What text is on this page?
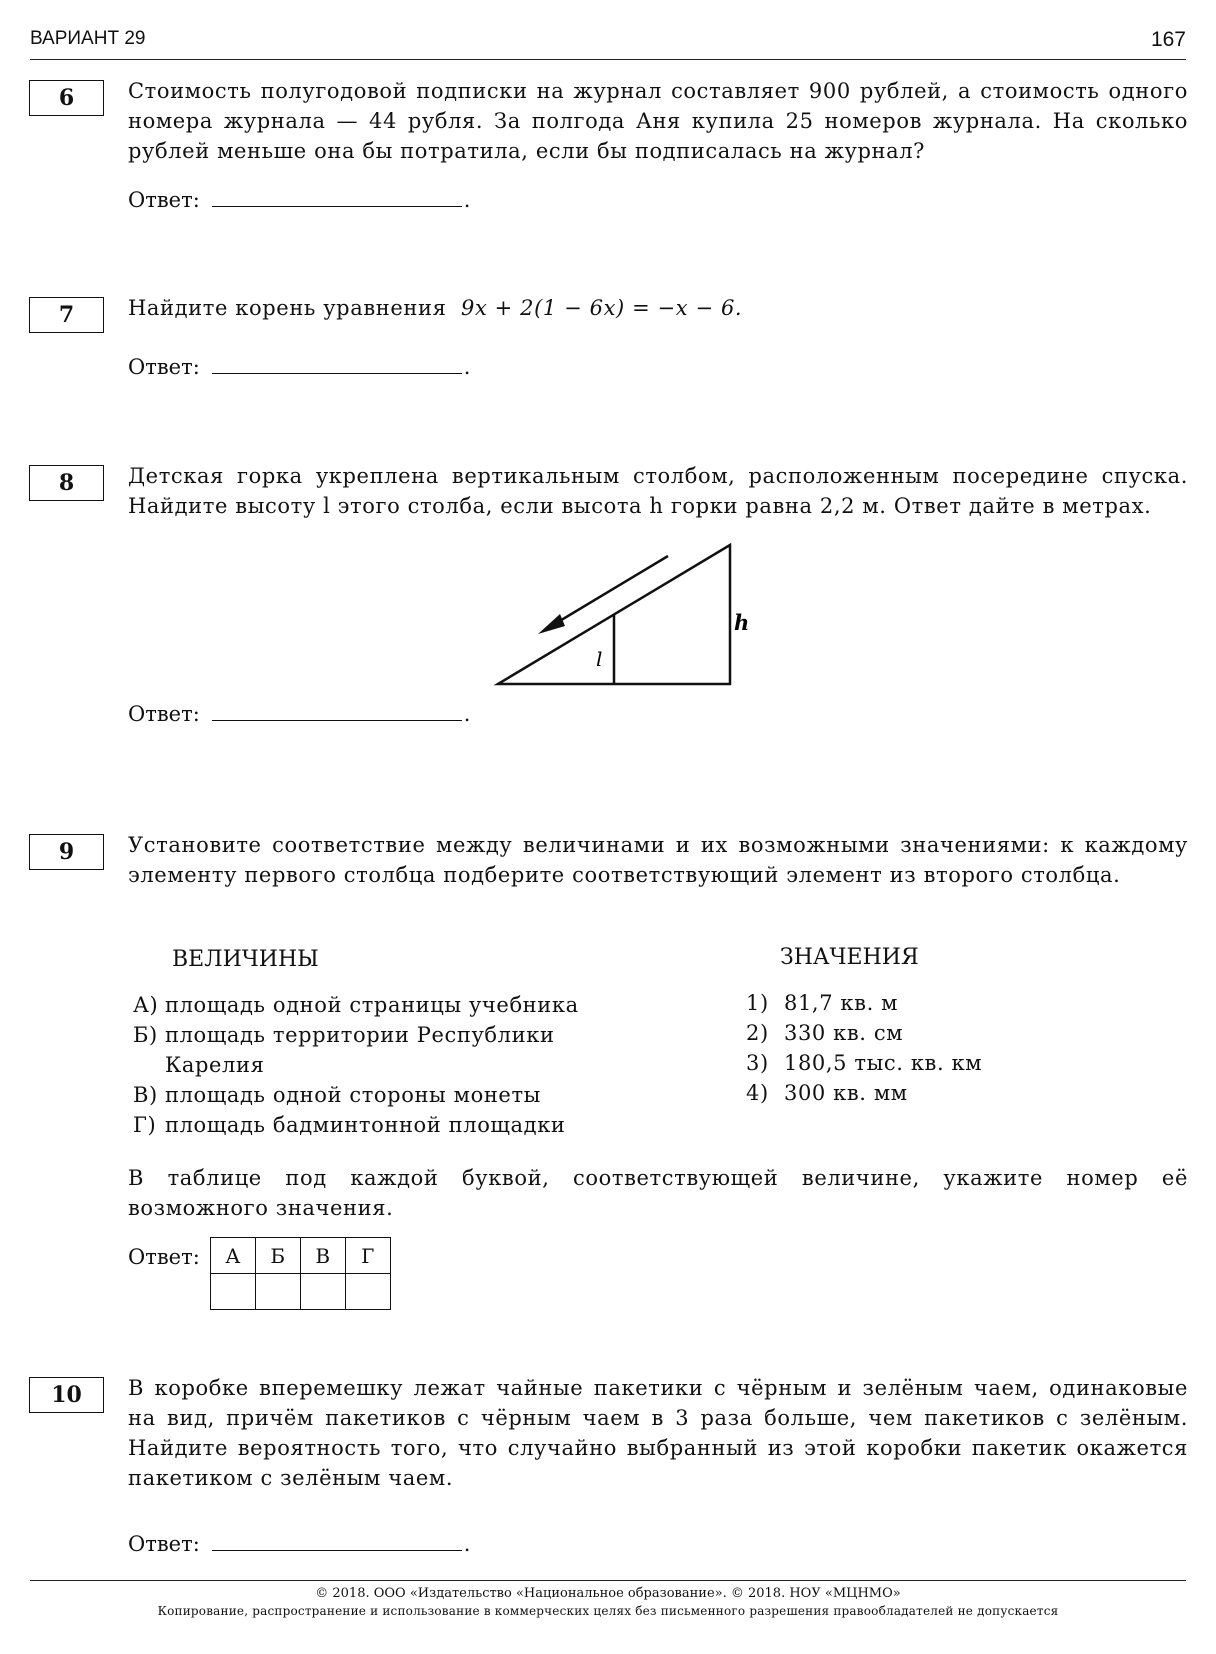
ВАРИАНТ 29	167
6	Стоимость полугодовой подписки на журнал составляет 900 рублей, а стоимость одного номера журнала — 44 рубля. За полгода Аня купила 25 номеров журнала. На сколько рублей меньше она бы потратила, если бы подписалась на журнал?
Ответ:	.
7	Найдите корень уравнения 9x + 2(1 − 6x) = −x − 6.
Ответ:	.
8	Детская горка укреплена вертикальным столбом, расположенным посередине спуска. Найдите высоту l этого столба, если высота h горки равна 2,2 м. Ответ дайте в метрах.
l
h
Ответ:	.
9	Установите соответствие между величинами и их возможными значениями: к каждому элементу первого столбца подберите соответствующий элемент из второго столбца.
ВЕЛИЧИНЫ	ЗНАЧЕНИЯ
А) площадь одной страницы учебника
Б) площадь территории Республики
Карелия
В) площадь одной стороны монеты
Г) площадь бадминтонной площадки
1) 81,7 кв. м
2) 330 кв. см
3) 180,5 тыс. кв. км
4) 300 кв. мм
В таблице под каждой буквой, соответствующей величине, укажите номер её возможного значения.
Ответ: А	Б	В	Г

10	В коробке вперемешку лежат чайные пакетики с чёрным и зелёным чаем, одинаковые на вид, причём пакетиков с чёрным чаем в 3 раза больше, чем пакетиков с зелёным. Найдите вероятность того, что случайно выбранный из этой коробки пакетик окажется пакетиком с зелёным чаем.
Ответ:	.
© 2018. ООО «Издательство «Национальное образование». © 2018. НОУ «МЦНМО»
Копирование, распространение и использование в коммерческих целях без письменного разрешения правообладателей не допускается
